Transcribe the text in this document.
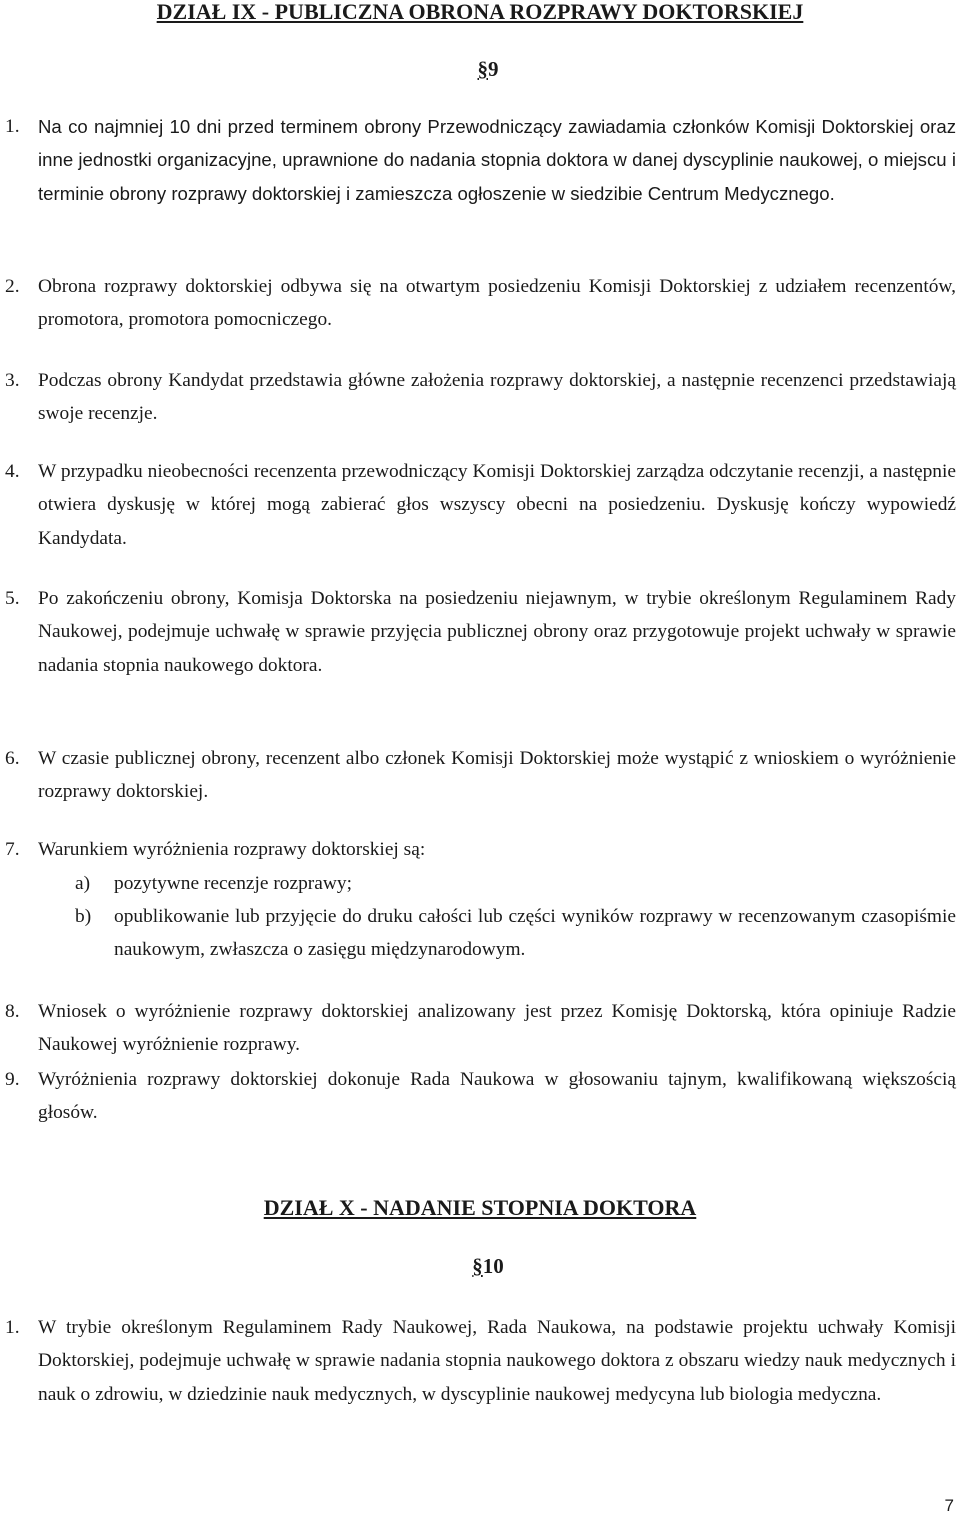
DZIAŁ IX - PUBLICZNA OBRONA ROZPRAWY DOKTORSKIEJ
§9
1. Na co najmniej 10 dni przed terminem obrony Przewodniczący zawiadamia członków Komisji Doktorskiej oraz inne jednostki organizacyjne, uprawnione do nadania stopnia doktora w danej dyscyplinie naukowej, o miejscu i terminie obrony rozprawy doktorskiej i zamieszcza ogłoszenie w siedzibie Centrum Medycznego.
2. Obrona rozprawy doktorskiej odbywa się na otwartym posiedzeniu Komisji Doktorskiej z udziałem recenzentów, promotora, promotora pomocniczego.
3. Podczas obrony Kandydat przedstawia główne założenia rozprawy doktorskiej, a następnie recenzenci przedstawiają swoje recenzje.
4. W przypadku nieobecności recenzenta przewodniczący Komisji Doktorskiej zarządza odczytanie recenzji, a następnie otwiera dyskusję w której mogą zabierać głos wszyscy obecni na posiedzeniu. Dyskusję kończy wypowiedź Kandydata.
5. Po zakończeniu obrony, Komisja Doktorska na posiedzeniu niejawnym, w trybie określonym Regulaminem Rady Naukowej, podejmuje uchwałę w sprawie przyjęcia publicznej obrony oraz przygotowuje projekt uchwały w sprawie nadania stopnia naukowego doktora.
6. W czasie publicznej obrony, recenzent albo członek Komisji Doktorskiej może wystąpić z wnioskiem o wyróżnienie rozprawy doktorskiej.
7. Warunkiem wyróżnienia rozprawy doktorskiej są:
a) pozytywne recenzje rozprawy;
b) opublikowanie lub przyjęcie do druku całości lub części wyników rozprawy w recenzowanym czasopiśmie naukowym, zwłaszcza o zasięgu międzynarodowym.
8. Wniosek o wyróżnienie rozprawy doktorskiej analizowany jest przez Komisję Doktorską, która opiniuje Radzie Naukowej wyróżnienie rozprawy.
9. Wyróżnienia rozprawy doktorskiej dokonuje Rada Naukowa w głosowaniu tajnym, kwalifikowaną większością głosów.
DZIAŁ X - NADANIE STOPNIA DOKTORA
§10
1. W trybie określonym Regulaminem Rady Naukowej, Rada Naukowa, na podstawie projektu uchwały Komisji Doktorskiej, podejmuje uchwałę w sprawie nadania stopnia naukowego doktora z obszaru wiedzy nauk medycznych i nauk o zdrowiu, w dziedzinie nauk medycznych, w dyscyplinie naukowej medycyna lub biologia medyczna.
7
